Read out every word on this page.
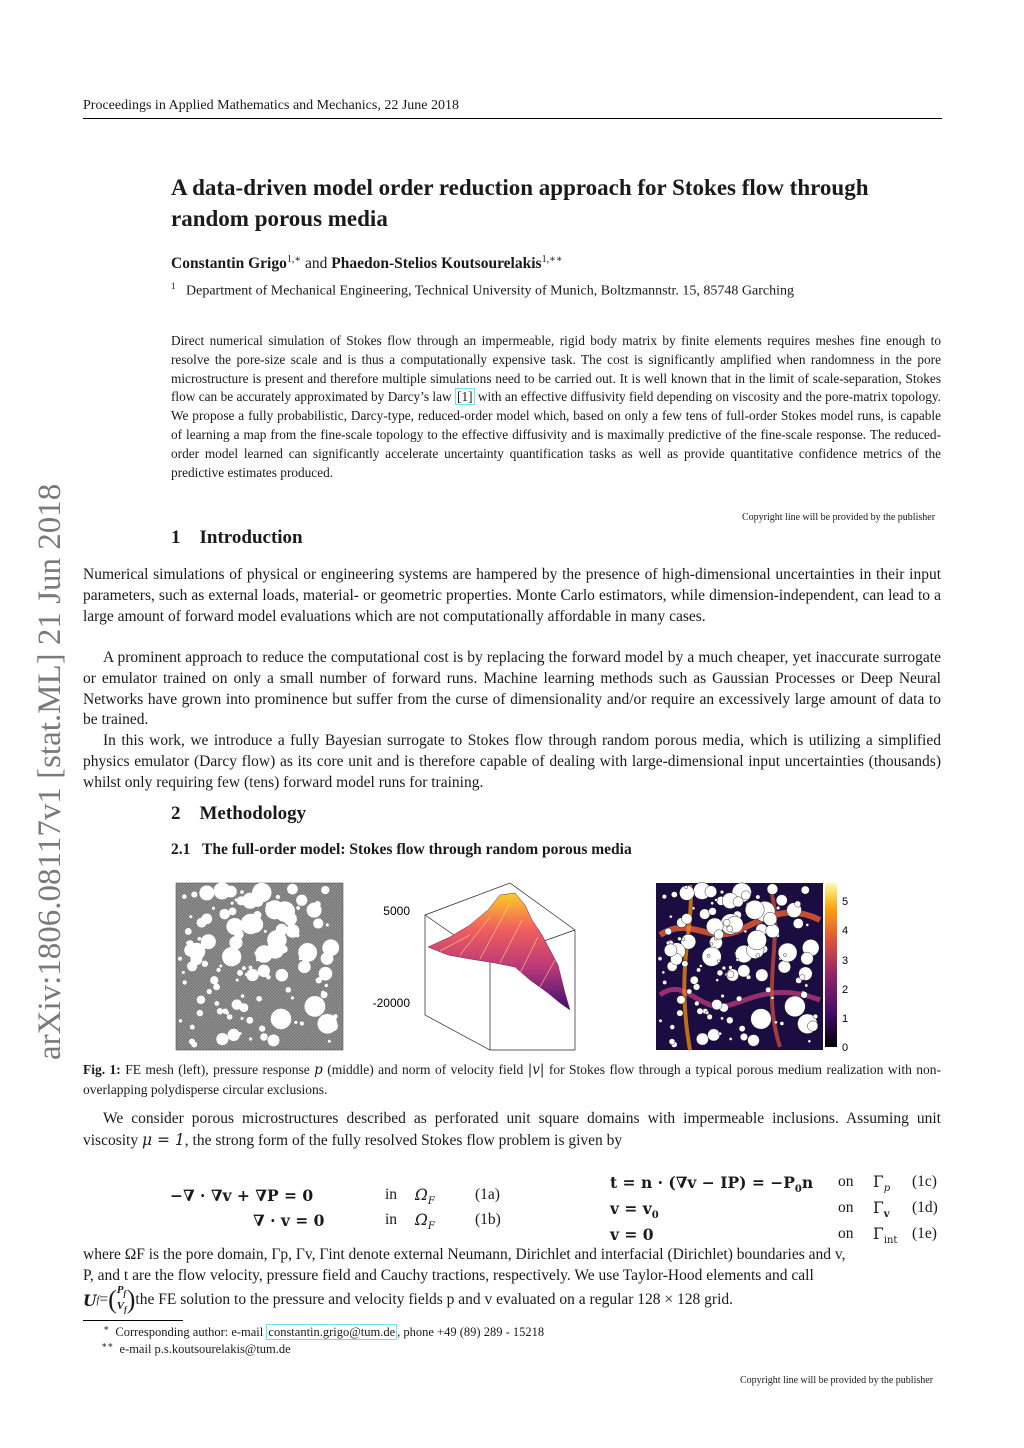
Proceedings in Applied Mathematics and Mechanics, 22 June 2018
arXiv:1806.08117v1 [stat.ML] 21 Jun 2018
A data-driven model order reduction approach for Stokes flow through
random porous media
Constantin Grigo$^{1,∗}$ and Phaedon-Stelios Koutsourelakis$^{1,∗∗}$
$^1$ Department of Mechanical Engineering, Technical University of Munich, Boltzmannstr. 15, 85748 Garching
Direct numerical simulation of Stokes flow through an impermeable, rigid body matrix by finite elements requires meshes fine enough to resolve the pore-size scale and is thus a computationally expensive task. The cost is significantly amplified when randomness in the pore microstructure is present and therefore multiple simulations need to be carried out. It is well known that in the limit of scale-separation, Stokes flow can be accurately approximated by Darcy’s law [1] with an effective diffusivity field depending on viscosity and the pore-matrix topology. We propose a fully probabilistic, Darcy-type, reduced-order model which, based on only a few tens of full-order Stokes model runs, is capable of learning a map from the fine-scale topology to the effective diffusivity and is maximally predictive of the fine-scale response. The reduced-order model learned can significantly accelerate uncertainty quantification tasks as well as provide quantitative confidence metrics of the predictive estimates produced.
Copyright line will be provided by the publisher
1 Introduction
Numerical simulations of physical or engineering systems are hampered by the presence of high-dimensional uncertainties in their input parameters, such as external loads, material- or geometric properties. Monte Carlo estimators, while dimension-independent, can lead to a large amount of forward model evaluations which are not computationally affordable in many cases.
A prominent approach to reduce the computational cost is by replacing the forward model by a much cheaper, yet inaccurate surrogate or emulator trained on only a small number of forward runs. Machine learning methods such as Gaussian Processes or Deep Neural Networks have grown into prominence but suffer from the curse of dimensionality and/or require an excessively large amount of data to be trained.
In this work, we introduce a fully Bayesian surrogate to Stokes flow through random porous media, which is utilizing a simplified physics emulator (Darcy flow) as its core unit and is therefore capable of dealing with large-dimensional input uncertainties (thousands) whilst only requiring few (tens) forward model runs for training.
2 Methodology
2.1 The full-order model: Stokes flow through random porous media
5000
-20000
5
4
3
2
1
0
Fig. 1: FE mesh (left), pressure response p (middle) and norm of velocity field |v| for Stokes flow through a typical porous medium realization with non-overlapping polydisperse circular exclusions.
We consider porous microstructures described as perforated unit square domains with impermeable inclusions. Assuming unit viscosity μ = 1, the strong form of the fully resolved Stokes flow problem is given by
−∇ · ∇v + ∇P = 0	in $\Omega_F$	(1a)
∇ · v = 0	in $\Omega_F$	(1b)
$t = n \cdot (\nabla v - IP) = -P_0n$ on $\Gamma_p$ (1c)
$v = v_0$	on $\Gamma_v$ (1d)
v = 0	on $\Gamma_{int}$ (1e)
where ΩF is the pore domain, Γp, Γv, Γint denote external Neumann, Dirichlet and interfacial (Dirichlet) boundaries and v,
P, and t are the flow velocity, pressure field and Cauchy tractions, respectively. We use Taylor-Hood elements and call
U f = ( $P_f$
$V_f$ ) the FE solution to the pressure and velocity fields p and v evaluated on a regular 128 × 128 grid.
∗ Corresponding author: e-mail constantin.grigo@tum.de , phone +49 (89) 289 - 15218
∗∗ e-mail p.s.koutsourelakis@tum.de
Copyright line will be provided by the publisher
